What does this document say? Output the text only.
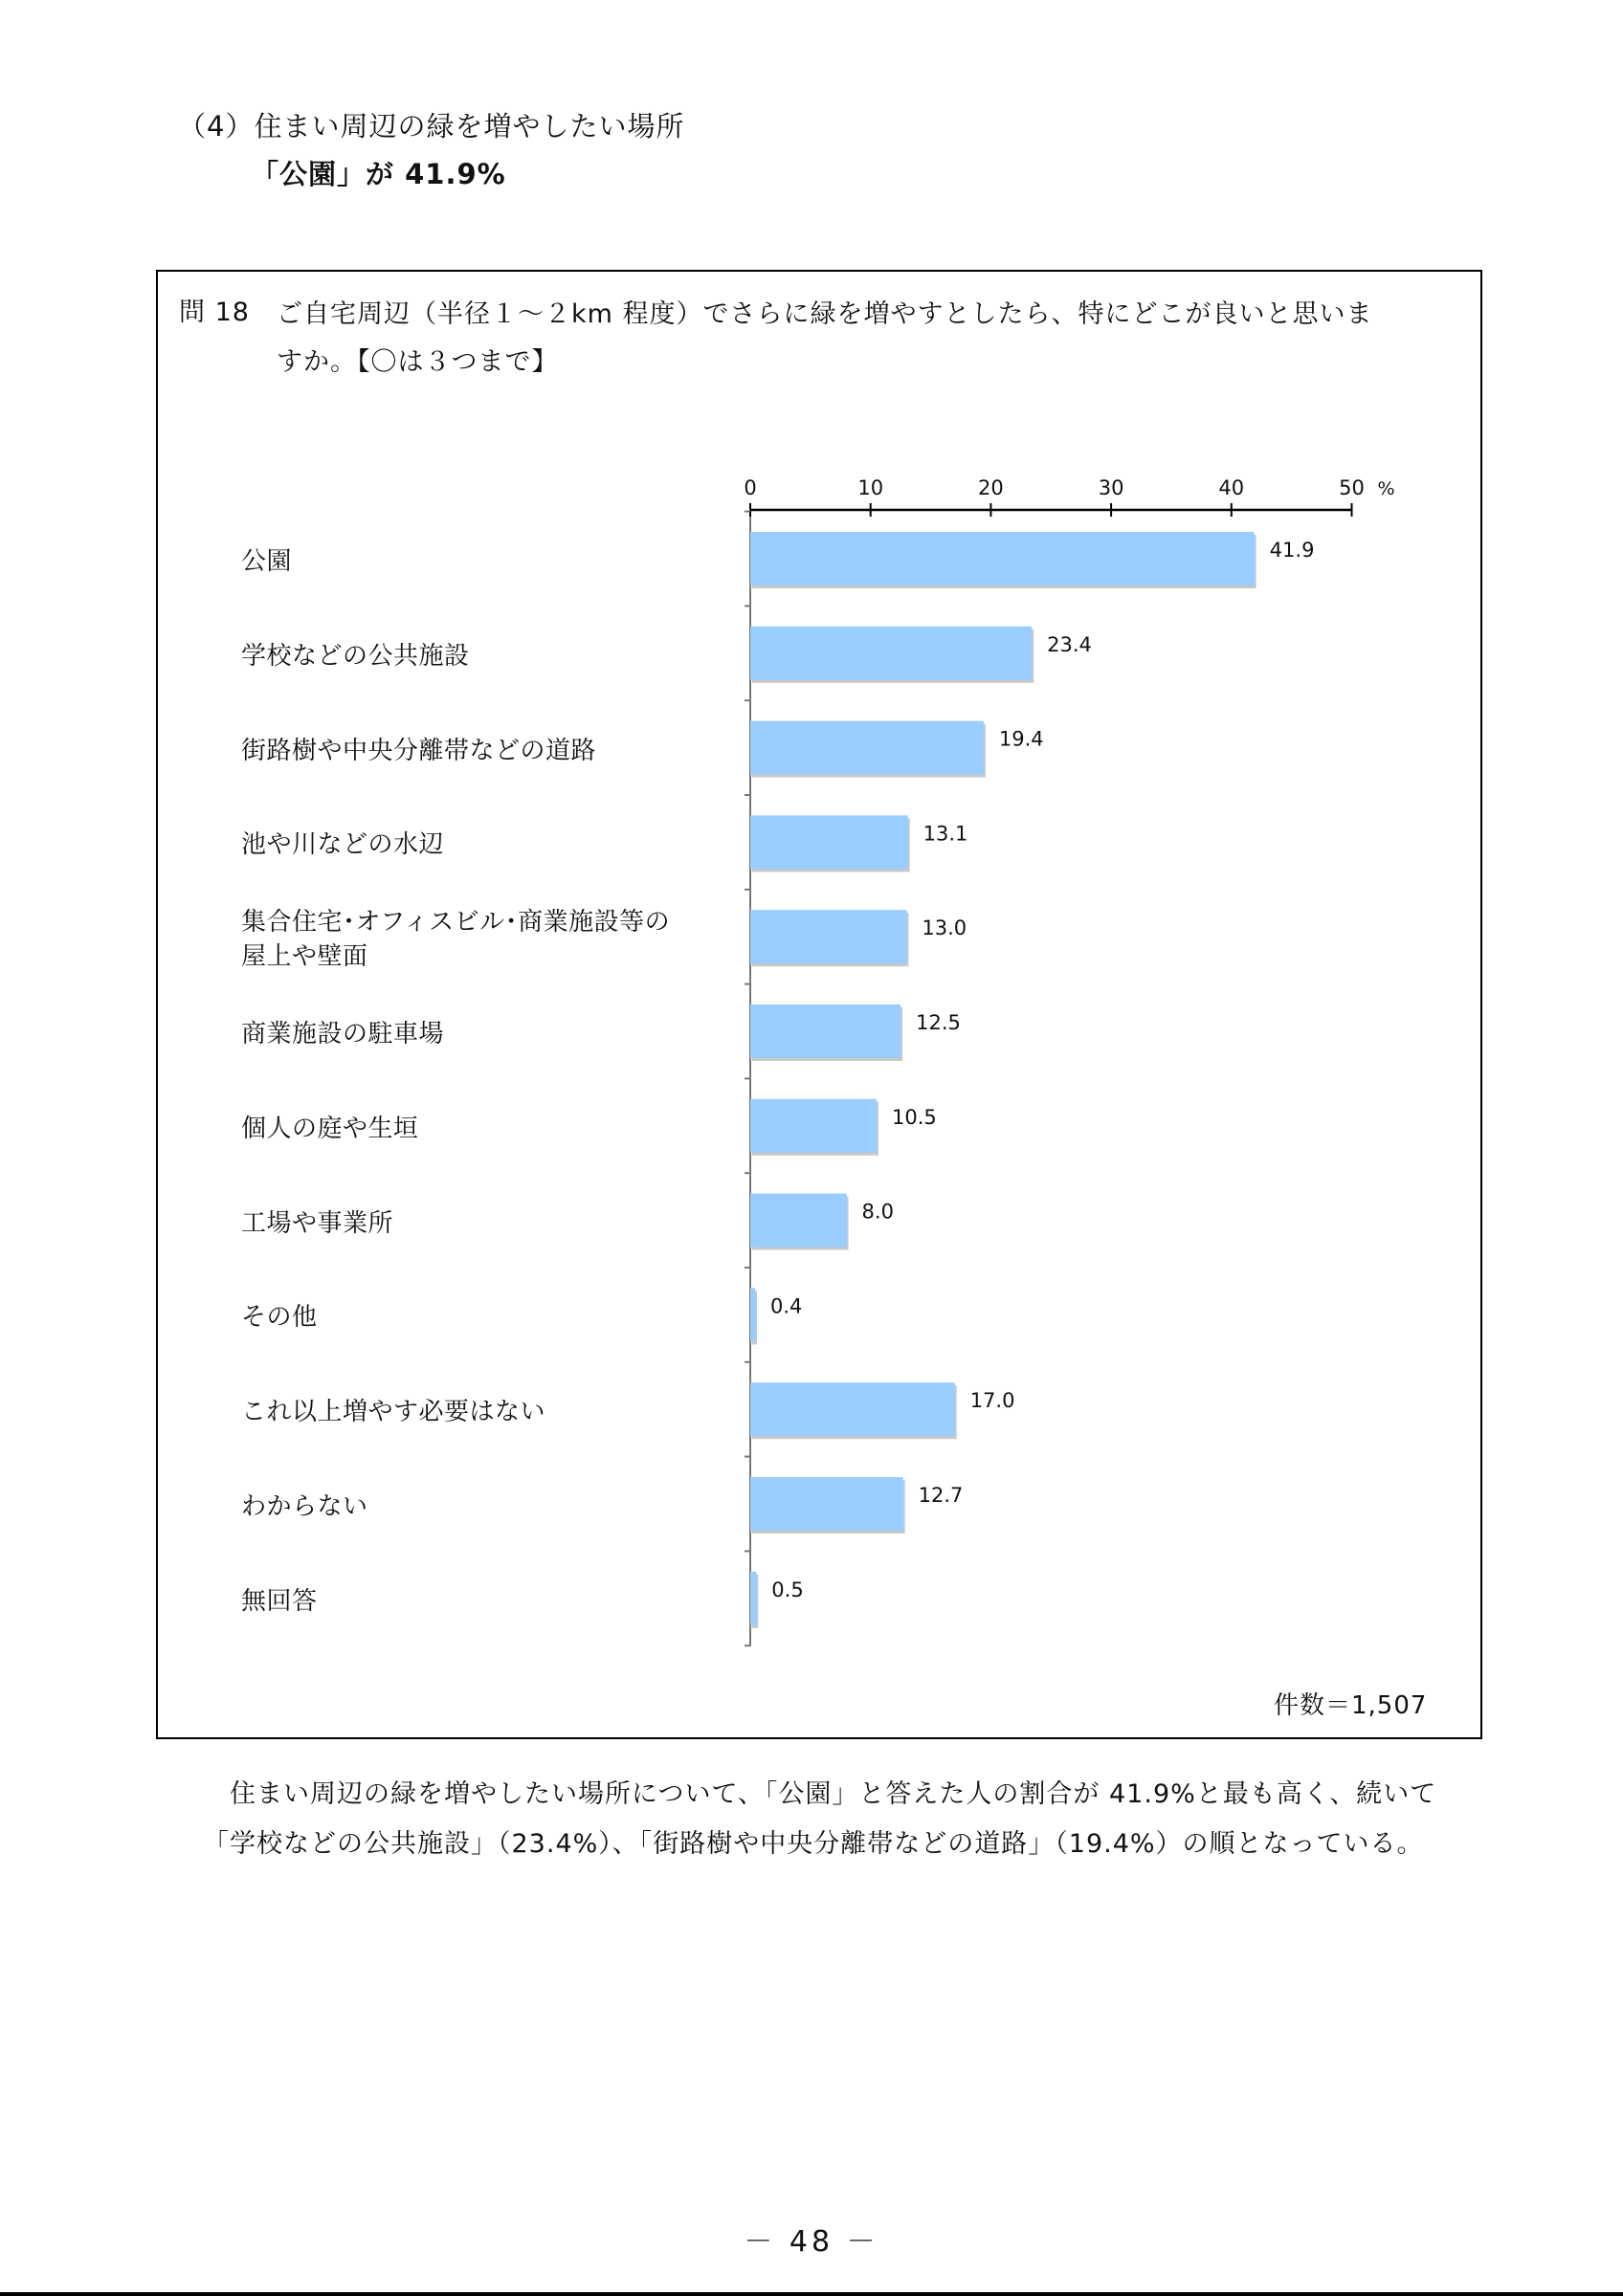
（4）住まい周辺の緑を増やしたい場所

「公園」が 41.9%

問 18 ご自宅周辺（半径１～２km 程度）でさらに緑を増やすとしたら、特にどこが良いと思いますか。【〇は３つまで】

公園
学校などの公共施設
街路樹や中央分離帯などの道路
池や川などの水辺
集合住宅･オフィスビル･商業施設等の
屋上や壁面
商業施設の駐車場
個人の庭や生垣
工場や事業所
その他
これ以上増やす必要はない
わからない
無回答
0	10	20	30	40	50 %
41.9
23.4
19.4
13.1
13.0
12.5
10.5
8.0
0.4
17.0
12.7
0.5
件数＝1,507

住まい周辺の緑を増やしたい場所について、「公園」と答えた人の割合が 41.9%と最も高く、続いて「学校などの公共施設」（23.4%）、「街路樹や中央分離帯などの道路」（19.4%）の順となっている。

－ 48 －
